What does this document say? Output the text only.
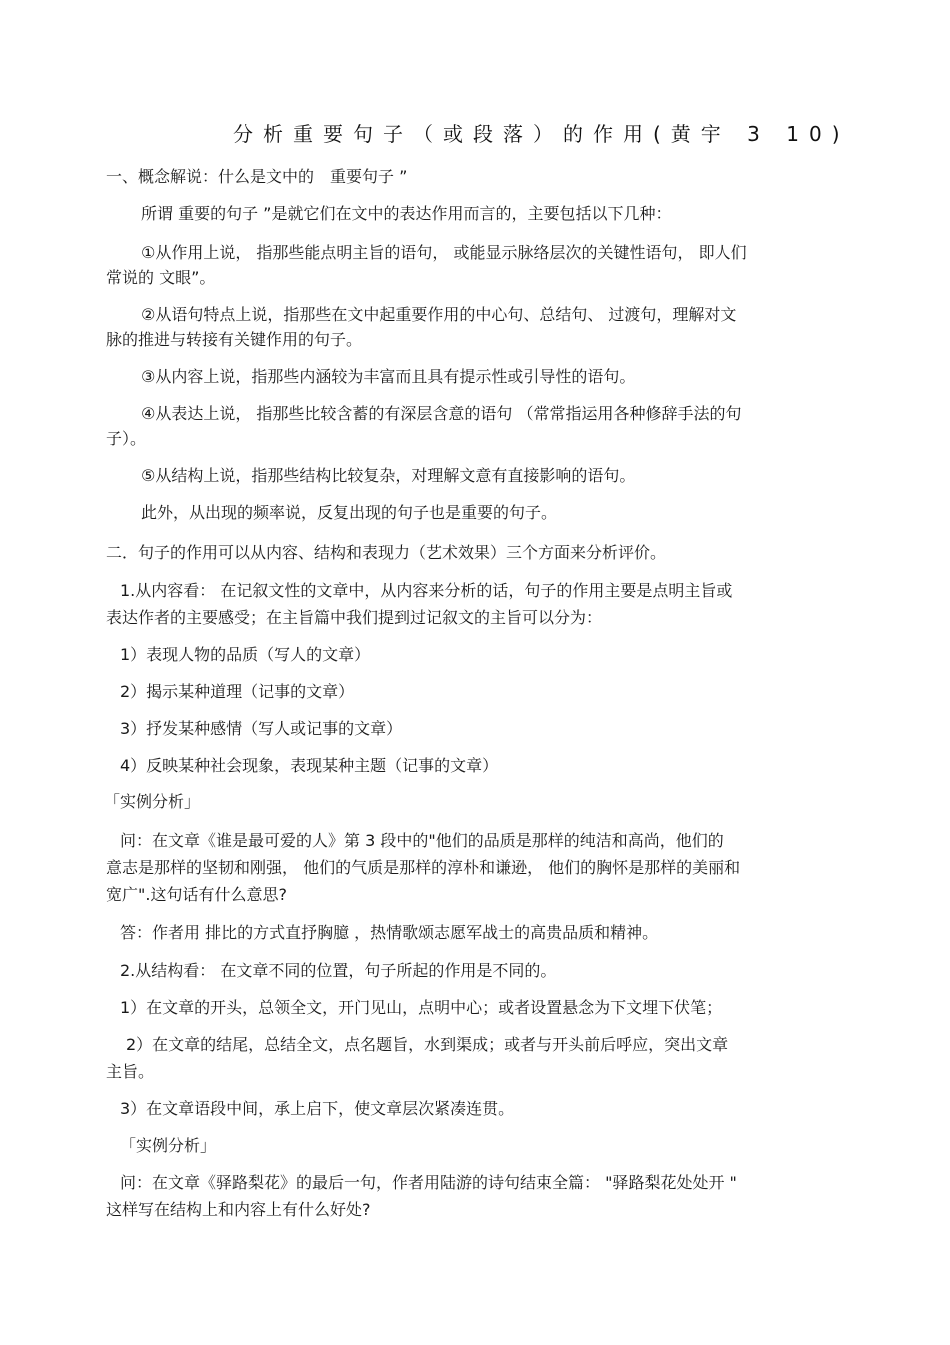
分析重要句子（或段落）的作用(黄宇 3 10)
一、概念解说：什么是文中的　重要句子 ”
所谓 重要的句子 ”是就它们在文中的表达作用而言的，主要包括以下几种：
①从作用上说， 指那些能点明主旨的语句， 或能显示脉络层次的关键性语句， 即人们
常说的 文眼”。
②从语句特点上说，指那些在文中起重要作用的中心句、总结句、 过渡句，理解对文
脉的推进与转接有关键作用的句子。
③从内容上说，指那些内涵较为丰富而且具有提示性或引导性的语句。
④从表达上说， 指那些比较含蓄的有深层含意的语句 （常常指运用各种修辞手法的句
子）。
⑤从结构上说，指那些结构比较复杂，对理解文意有直接影响的语句。
此外，从出现的频率说，反复出现的句子也是重要的句子。
二．句子的作用可以从内容、结构和表现力（艺术效果）三个方面来分析评价。
1.从内容看： 在记叙文性的文章中，从内容来分析的话，句子的作用主要是点明主旨或
表达作者的主要感受；在主旨篇中我们提到过记叙文的主旨可以分为：
1）表现人物的品质（写人的文章）
2）揭示某种道理（记事的文章）
3）抒发某种感情（写人或记事的文章）
4）反映某种社会现象，表现某种主题（记事的文章）
「实例分析」
问：在文章《谁是最可爱的人》第 3 段中的"他们的品质是那样的纯洁和高尚，他们的
意志是那样的坚韧和刚强， 他们的气质是那样的淳朴和谦逊， 他们的胸怀是那样的美丽和
宽广".这句话有什么意思?
答：作者用 排比的方式直抒胸臆 ，热情歌颂志愿军战士的高贵品质和精神。
2.从结构看： 在文章不同的位置，句子所起的作用是不同的。
1）在文章的开头，总领全文，开门见山，点明中心；或者设置悬念为下文埋下伏笔；
2）在文章的结尾，总结全文，点名题旨，水到渠成；或者与开头前后呼应，突出文章
主旨。
3）在文章语段中间，承上启下，使文章层次紧凑连贯。
「实例分析」
问：在文章《驿路梨花》的最后一句，作者用陆游的诗句结束全篇： "驿路梨花处处开 "
这样写在结构上和内容上有什么好处?
